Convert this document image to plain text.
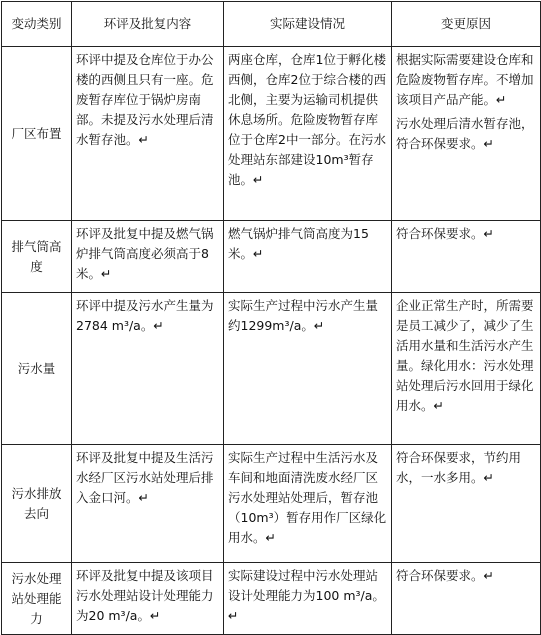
变动类别	环评及批复内容	实际建设情况	变更原因
厂区布置	环评中提及仓库位于办公楼的西侧且只有一座。危废暂存库位于锅炉房南部。未提及污水处理后清水暂存池。↵	两座仓库，仓库1位于孵化楼西侧，仓库2位于综合楼的西北侧，主要为运输司机提供休息场所。危险废物暂存库位于仓库2中一部分。在污水处理站东部建设10m³暂存池。↵	根据实际需要建设仓库和危险废物暂存库。不增加该项目产品产能。↵
污水处理后清水暂存池，符合环保要求。↵

排气筒高度	环评及批复中提及燃气锅炉排气筒高度必须高于8米。↵	燃气锅炉排气筒高度为15米。↵	符合环保要求。↵

污水量	环评中提及污水产生量为2784 m³/a。↵	实际生产过程中污水产生量约1299m³/a。↵	企业正常生产时，所需要是员工减少了，减少了生活用水量和生活污水产生量。绿化用水：污水处理站处理后污水回用于绿化用水。↵

污水排放去向	环评及批复中提及生活污水经厂区污水站处理后排入金口河。↵	实际生产过程中生活污水及车间和地面清洗废水经厂区污水处理站处理后，暂存池（10m³）暂存用作厂区绿化用水。↵	符合环保要求，节约用水，一水多用。↵

污水处理站处理能力	环评及批复中提及该项目污水处理站设计处理能力为20 m³/a。↵	实际建设过程中污水处理站设计处理能力为100 m³/a。↵	符合环保要求。↵
